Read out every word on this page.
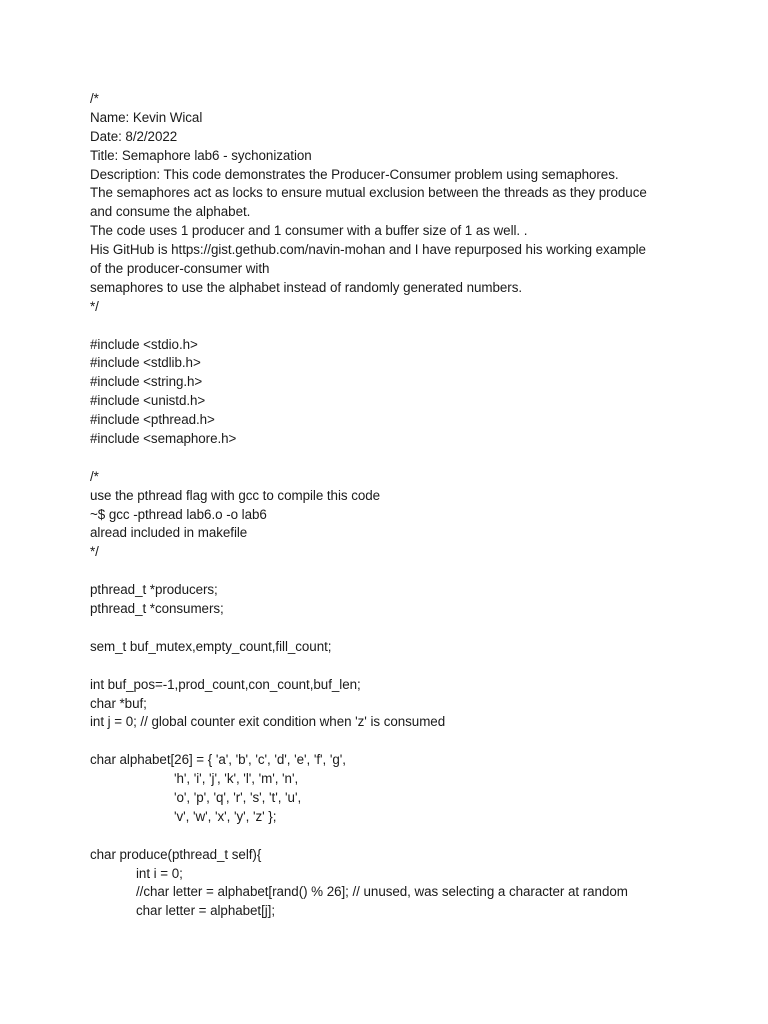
/*
Name: Kevin Wical
Date: 8/2/2022
Title: Semaphore lab6 - sychonization
Description: This code demonstrates the Producer-Consumer problem using semaphores.
The semaphores act as locks to ensure mutual exclusion between the threads as they produce
and consume the alphabet.
The code uses 1 producer and 1 consumer with a buffer size of 1 as well. .
His GitHub is https://gist.gethub.com/navin-mohan and I have repurposed his working example
of the producer-consumer with
semaphores to use the alphabet instead of randomly generated numbers.
*/
#include <stdio.h>
#include <stdlib.h>
#include <string.h>
#include <unistd.h>
#include <pthread.h>
#include <semaphore.h>
/*
use the pthread flag with gcc to compile this code
~$ gcc -pthread lab6.o -o lab6
alread included in makefile
*/
pthread_t *producers;
pthread_t *consumers;
sem_t buf_mutex,empty_count,fill_count;
int buf_pos=-1,prod_count,con_count,buf_len;
char *buf;
int j = 0; // global counter exit condition when 'z' is consumed
char alphabet[26] = { 'a', 'b', 'c', 'd', 'e', 'f', 'g',
'h', 'i', 'j', 'k', 'l', 'm', 'n',
'o', 'p', 'q', 'r', 's', 't', 'u',
'v', 'w', 'x', 'y', 'z' };
char produce(pthread_t self){
int i = 0;
//char letter = alphabet[rand() % 26]; // unused, was selecting a character at random
char letter = alphabet[j];
